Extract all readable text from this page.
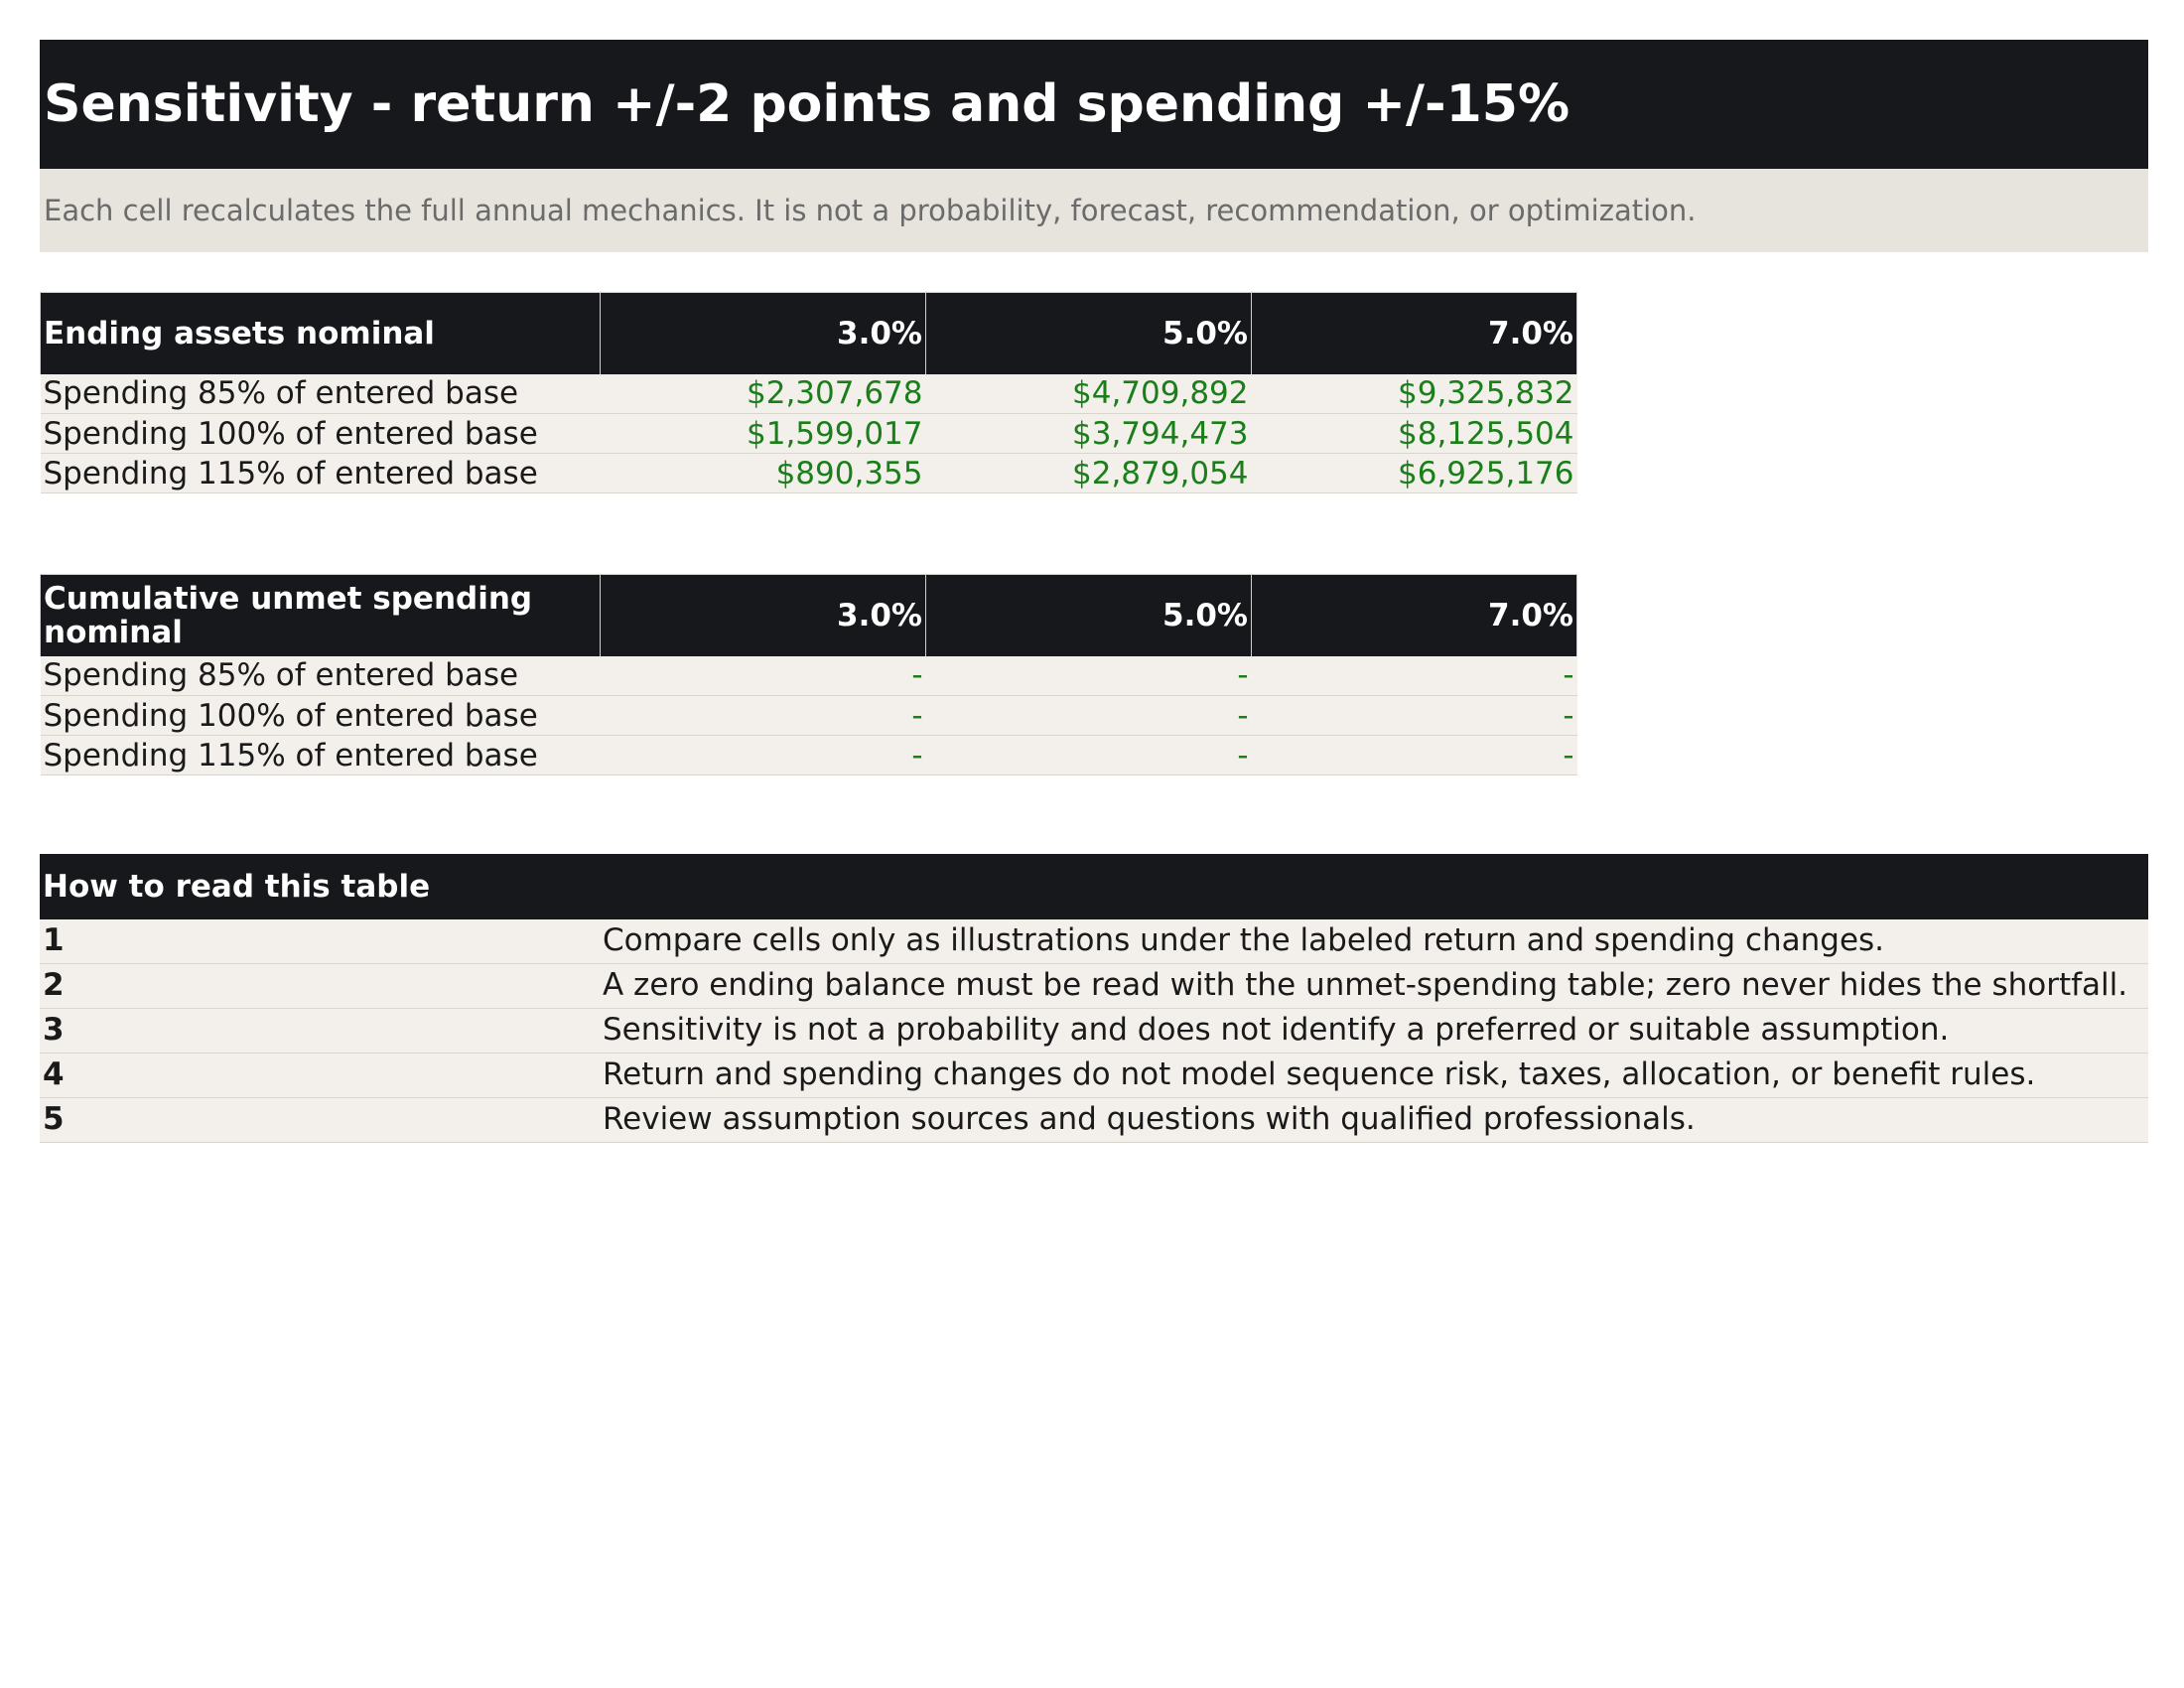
Sensitivity - return +/-2 points and spending +/-15%
Each cell recalculates the full annual mechanics. It is not a probability, forecast, recommendation, or optimization.
Ending assets nominal	3.0%	5.0%	7.0%
Spending 85% of entered base	$2,307,678	$4,709,892	$9,325,832
Spending 100% of entered base	$1,599,017	$3,794,473	$8,125,504
Spending 115% of entered base	$890,355	$2,879,054	$6,925,176
Cumulative unmet spending nominal	3.0%	5.0%	7.0%
Spending 85% of entered base	-	-	-
Spending 100% of entered base	-	-	-
Spending 115% of entered base	-	-	-
How to read this table	
1	Compare cells only as illustrations under the labeled return and spending changes.
2	A zero ending balance must be read with the unmet-spending table; zero never hides the shortfall.
3	Sensitivity is not a probability and does not identify a preferred or suitable assumption.
4	Return and spending changes do not model sequence risk, taxes, allocation, or benefit rules.
5	Review assumption sources and questions with qualified professionals.
